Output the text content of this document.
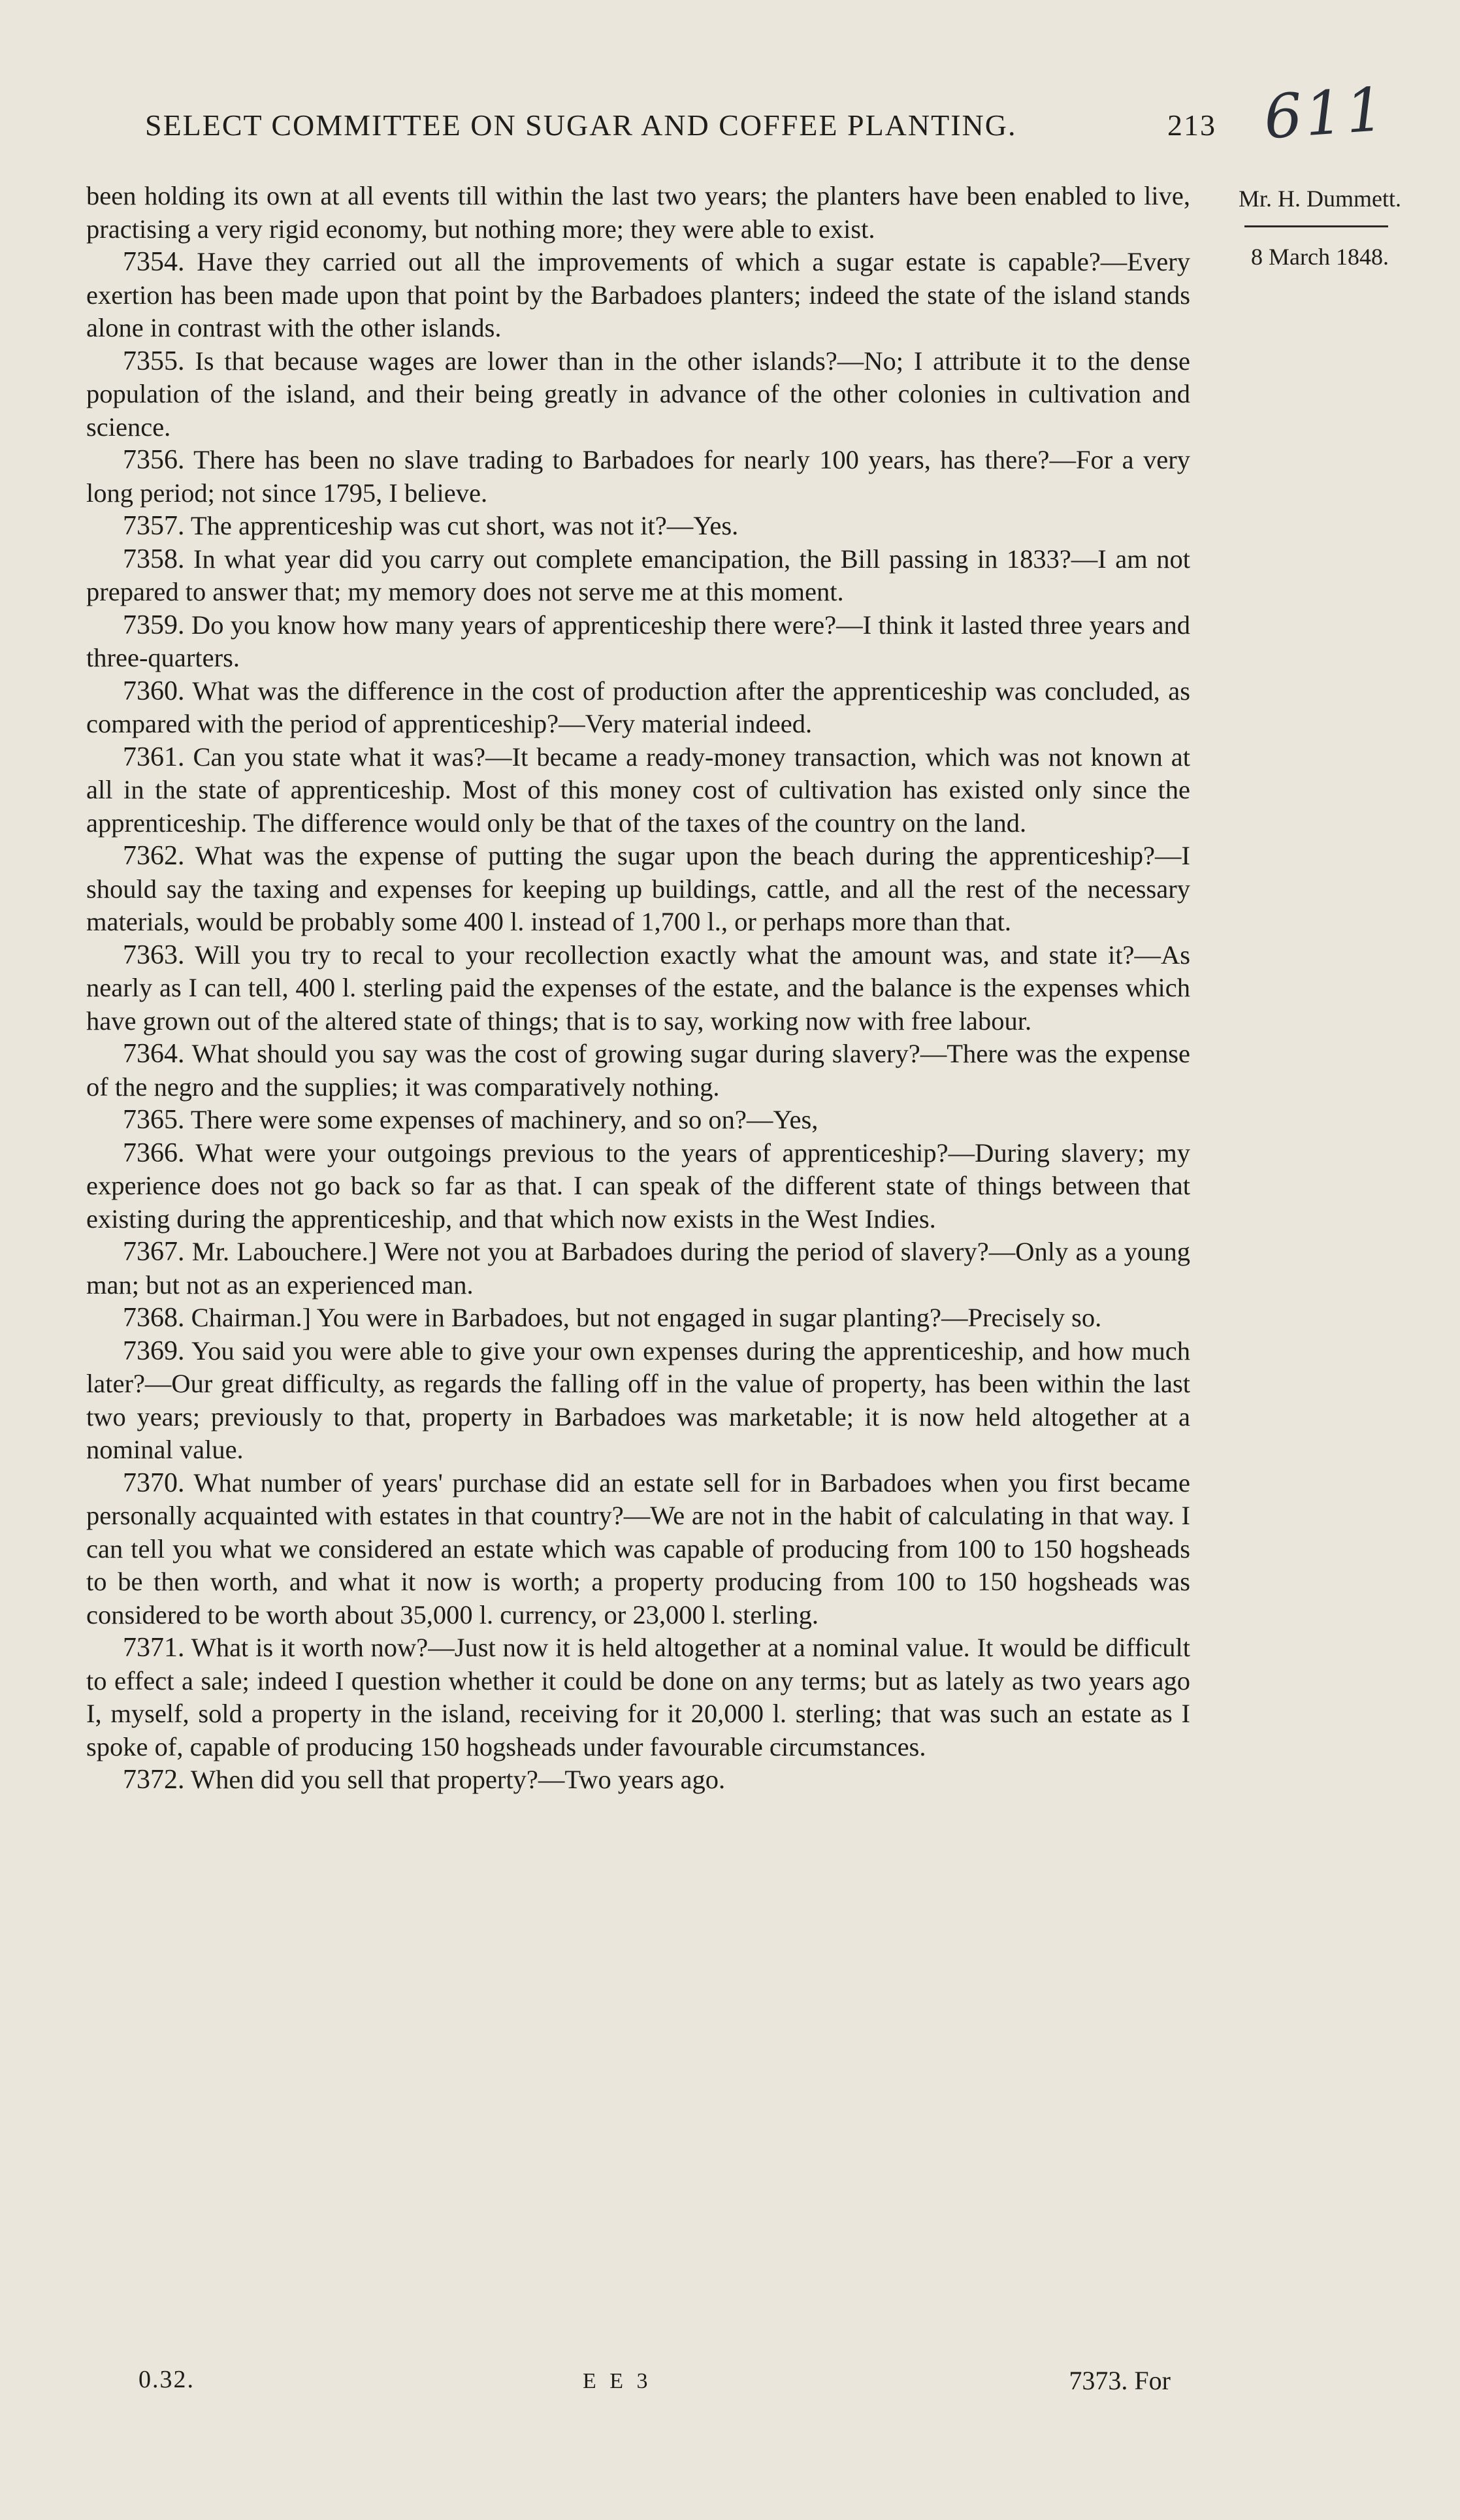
SELECT COMMITTEE ON SUGAR AND COFFEE PLANTING.	213 611
Mr. H. Dummett.
8 March 1848.

been holding its own at all events till within the last two years; the planters have been enabled to live, practising a very rigid economy, but nothing more; they were able to exist.

7354. Have they carried out all the improvements of which a sugar estate is capable?—Every exertion has been made upon that point by the Barbadoes planters; indeed the state of the island stands alone in contrast with the other islands.

7355. Is that because wages are lower than in the other islands?—No; I attribute it to the dense population of the island, and their being greatly in advance of the other colonies in cultivation and science.

7356. There has been no slave trading to Barbadoes for nearly 100 years, has there?—For a very long period; not since 1795, I believe.

7357. The apprenticeship was cut short, was not it?—Yes.

7358. In what year did you carry out complete emancipation, the Bill passing in 1833?—I am not prepared to answer that; my memory does not serve me at this moment.

7359. Do you know how many years of apprenticeship there were?—I think it lasted three years and three-quarters.

7360. What was the difference in the cost of production after the apprenticeship was concluded, as compared with the period of apprenticeship?—Very material indeed.

7361. Can you state what it was?—It became a ready-money transaction, which was not known at all in the state of apprenticeship. Most of this money cost of cultivation has existed only since the apprenticeship. The difference would only be that of the taxes of the country on the land.

7362. What was the expense of putting the sugar upon the beach during the apprenticeship?—I should say the taxing and expenses for keeping up buildings, cattle, and all the rest of the necessary materials, would be probably some 400 l. instead of 1,700 l., or perhaps more than that.

7363. Will you try to recal to your recollection exactly what the amount was, and state it?—As nearly as I can tell, 400 l. sterling paid the expenses of the estate, and the balance is the expenses which have grown out of the altered state of things; that is to say, working now with free labour.

7364. What should you say was the cost of growing sugar during slavery?—There was the expense of the negro and the supplies; it was comparatively nothing.

7365. There were some expenses of machinery, and so on?—Yes,

7366. What were your outgoings previous to the years of apprenticeship?—During slavery; my experience does not go back so far as that. I can speak of the different state of things between that existing during the apprenticeship, and that which now exists in the West Indies.

7367. Mr. Labouchere.] Were not you at Barbadoes during the period of slavery?—Only as a young man; but not as an experienced man.

7368. Chairman.] You were in Barbadoes, but not engaged in sugar planting?—Precisely so.

7369. You said you were able to give your own expenses during the apprenticeship, and how much later?—Our great difficulty, as regards the falling off in the value of property, has been within the last two years; previously to that, property in Barbadoes was marketable; it is now held altogether at a nominal value.

7370. What number of years' purchase did an estate sell for in Barbadoes when you first became personally acquainted with estates in that country?—We are not in the habit of calculating in that way. I can tell you what we considered an estate which was capable of producing from 100 to 150 hogsheads to be then worth, and what it now is worth; a property producing from 100 to 150 hogsheads was considered to be worth about 35,000 l. currency, or 23,000 l. sterling.

7371. What is it worth now?—Just now it is held altogether at a nominal value. It would be difficult to effect a sale; indeed I question whether it could be done on any terms; but as lately as two years ago I, myself, sold a property in the island, receiving for it 20,000 l. sterling; that was such an estate as I spoke of, capable of producing 150 hogsheads under favourable circumstances.

7372. When did you sell that property?—Two years ago.

0.32.	E E 3	7373. For
